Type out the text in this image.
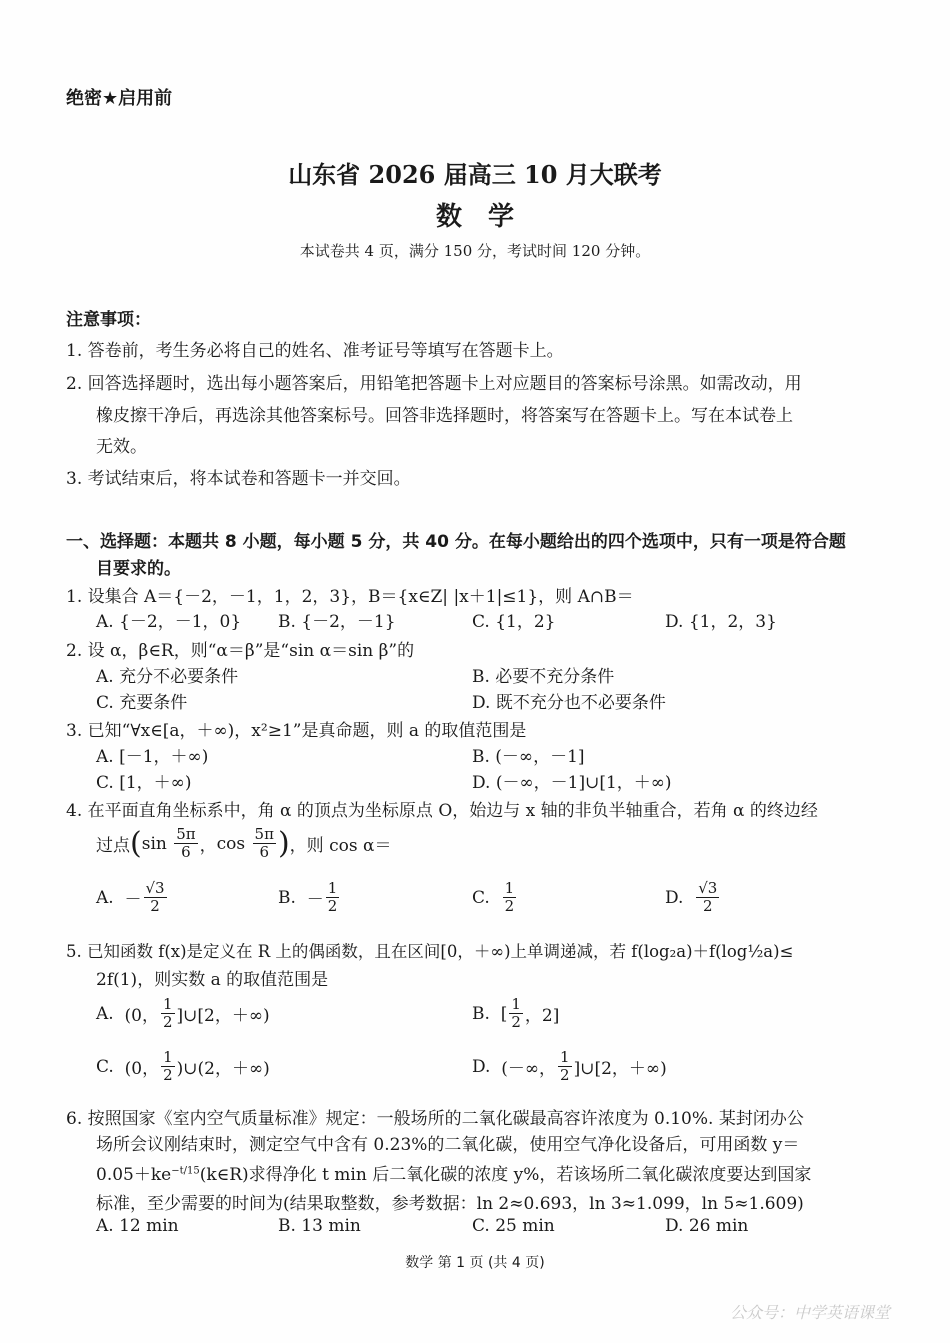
绝密★启用前
山东省 2026 届高三 10 月大联考
数学
本试卷共 4 页，满分 150 分，考试时间 120 分钟。
注意事项：
1. 答卷前，考生务必将自己的姓名、准考证号等填写在答题卡上。
2. 回答选择题时，选出每小题答案后，用铅笔把答题卡上对应题目的答案标号涂黑。如需改动，用
橡皮擦干净后，再选涂其他答案标号。回答非选择题时，将答案写在答题卡上。写在本试卷上
无效。
3. 考试结束后，将本试卷和答题卡一并交回。
一、选择题：本题共 8 小题，每小题 5 分，共 40 分。在每小题给出的四个选项中，只有一项是符合题
目要求的。
1. 设集合 A＝{－2，－1，1，2，3}，B＝{x∈Z| |x＋1|≤1}，则 A∩B＝
A. {－2，－1，0} B. {－2，－1}	C. {1，2}	D. {1，2，3}
2. 设 α，β∈R，则“α＝β”是“sin α＝sin β”的
A. 充分不必要条件	B. 必要不充分条件
C. 充要条件	D. 既不充分也不必要条件
3. 已知“∀x∈[a，＋∞)，x²≥1”是真命题，则 a 的取值范围是
A. [－1，＋∞)	B. (－∞，－1]
C. [1，＋∞)	D. (－∞，－1]∪[1，＋∞)
4. 在平面直角坐标系中，角 α 的顶点为坐标原点 O，始边与 x 轴的非负半轴重合，若角 α 的终边经
过点 ( sin
$\frac{5\pi}{6}$ ， cos
$\frac{5\pi}{6}$ ) ，则 cos α＝
A.
－ $\frac{√3}{2}$	B.
－ $\frac{1}{2}$	C.
$\frac{1}{2}$	D.
$\frac{√3}{2}$
5. 已知函数 f(x)是定义在 R 上的偶函数，且在区间[0，＋∞)上单调递减，若 f(log₂a)＋f(log½a)≤
2f(1)，则实数 a 的取值范围是
A.
(0， $\frac{1}{2}$ ]∪[2，＋∞)	B.
[ $\frac{1}{2}$ ，2]
C.
(0， $\frac{1}{2}$ )∪(2，＋∞)	D.
(－∞， $\frac{1}{2}$ ]∪[2，＋∞)
6. 按照国家《室内空气质量标准》规定：一般场所的二氧化碳最高容许浓度为 0.10%. 某封闭办公
场所会议刚结束时，测定空气中含有 0.23%的二氧化碳，使用空气净化设备后，可用函数 y＝
$0.05+ke^{-t/15}(k\in R)$求得净化 t min 后二氧化碳的浓度 y%，若该场所二氧化碳浓度要达到国家
标准，至少需要的时间为(结果取整数，参考数据：ln 2≈0.693，ln 3≈1.099，ln 5≈1.609)
A. 12 min	B. 13 min	C. 25 min	D. 26 min
数学 第 1 页 (共 4 页)
公众号：中学英语课堂
